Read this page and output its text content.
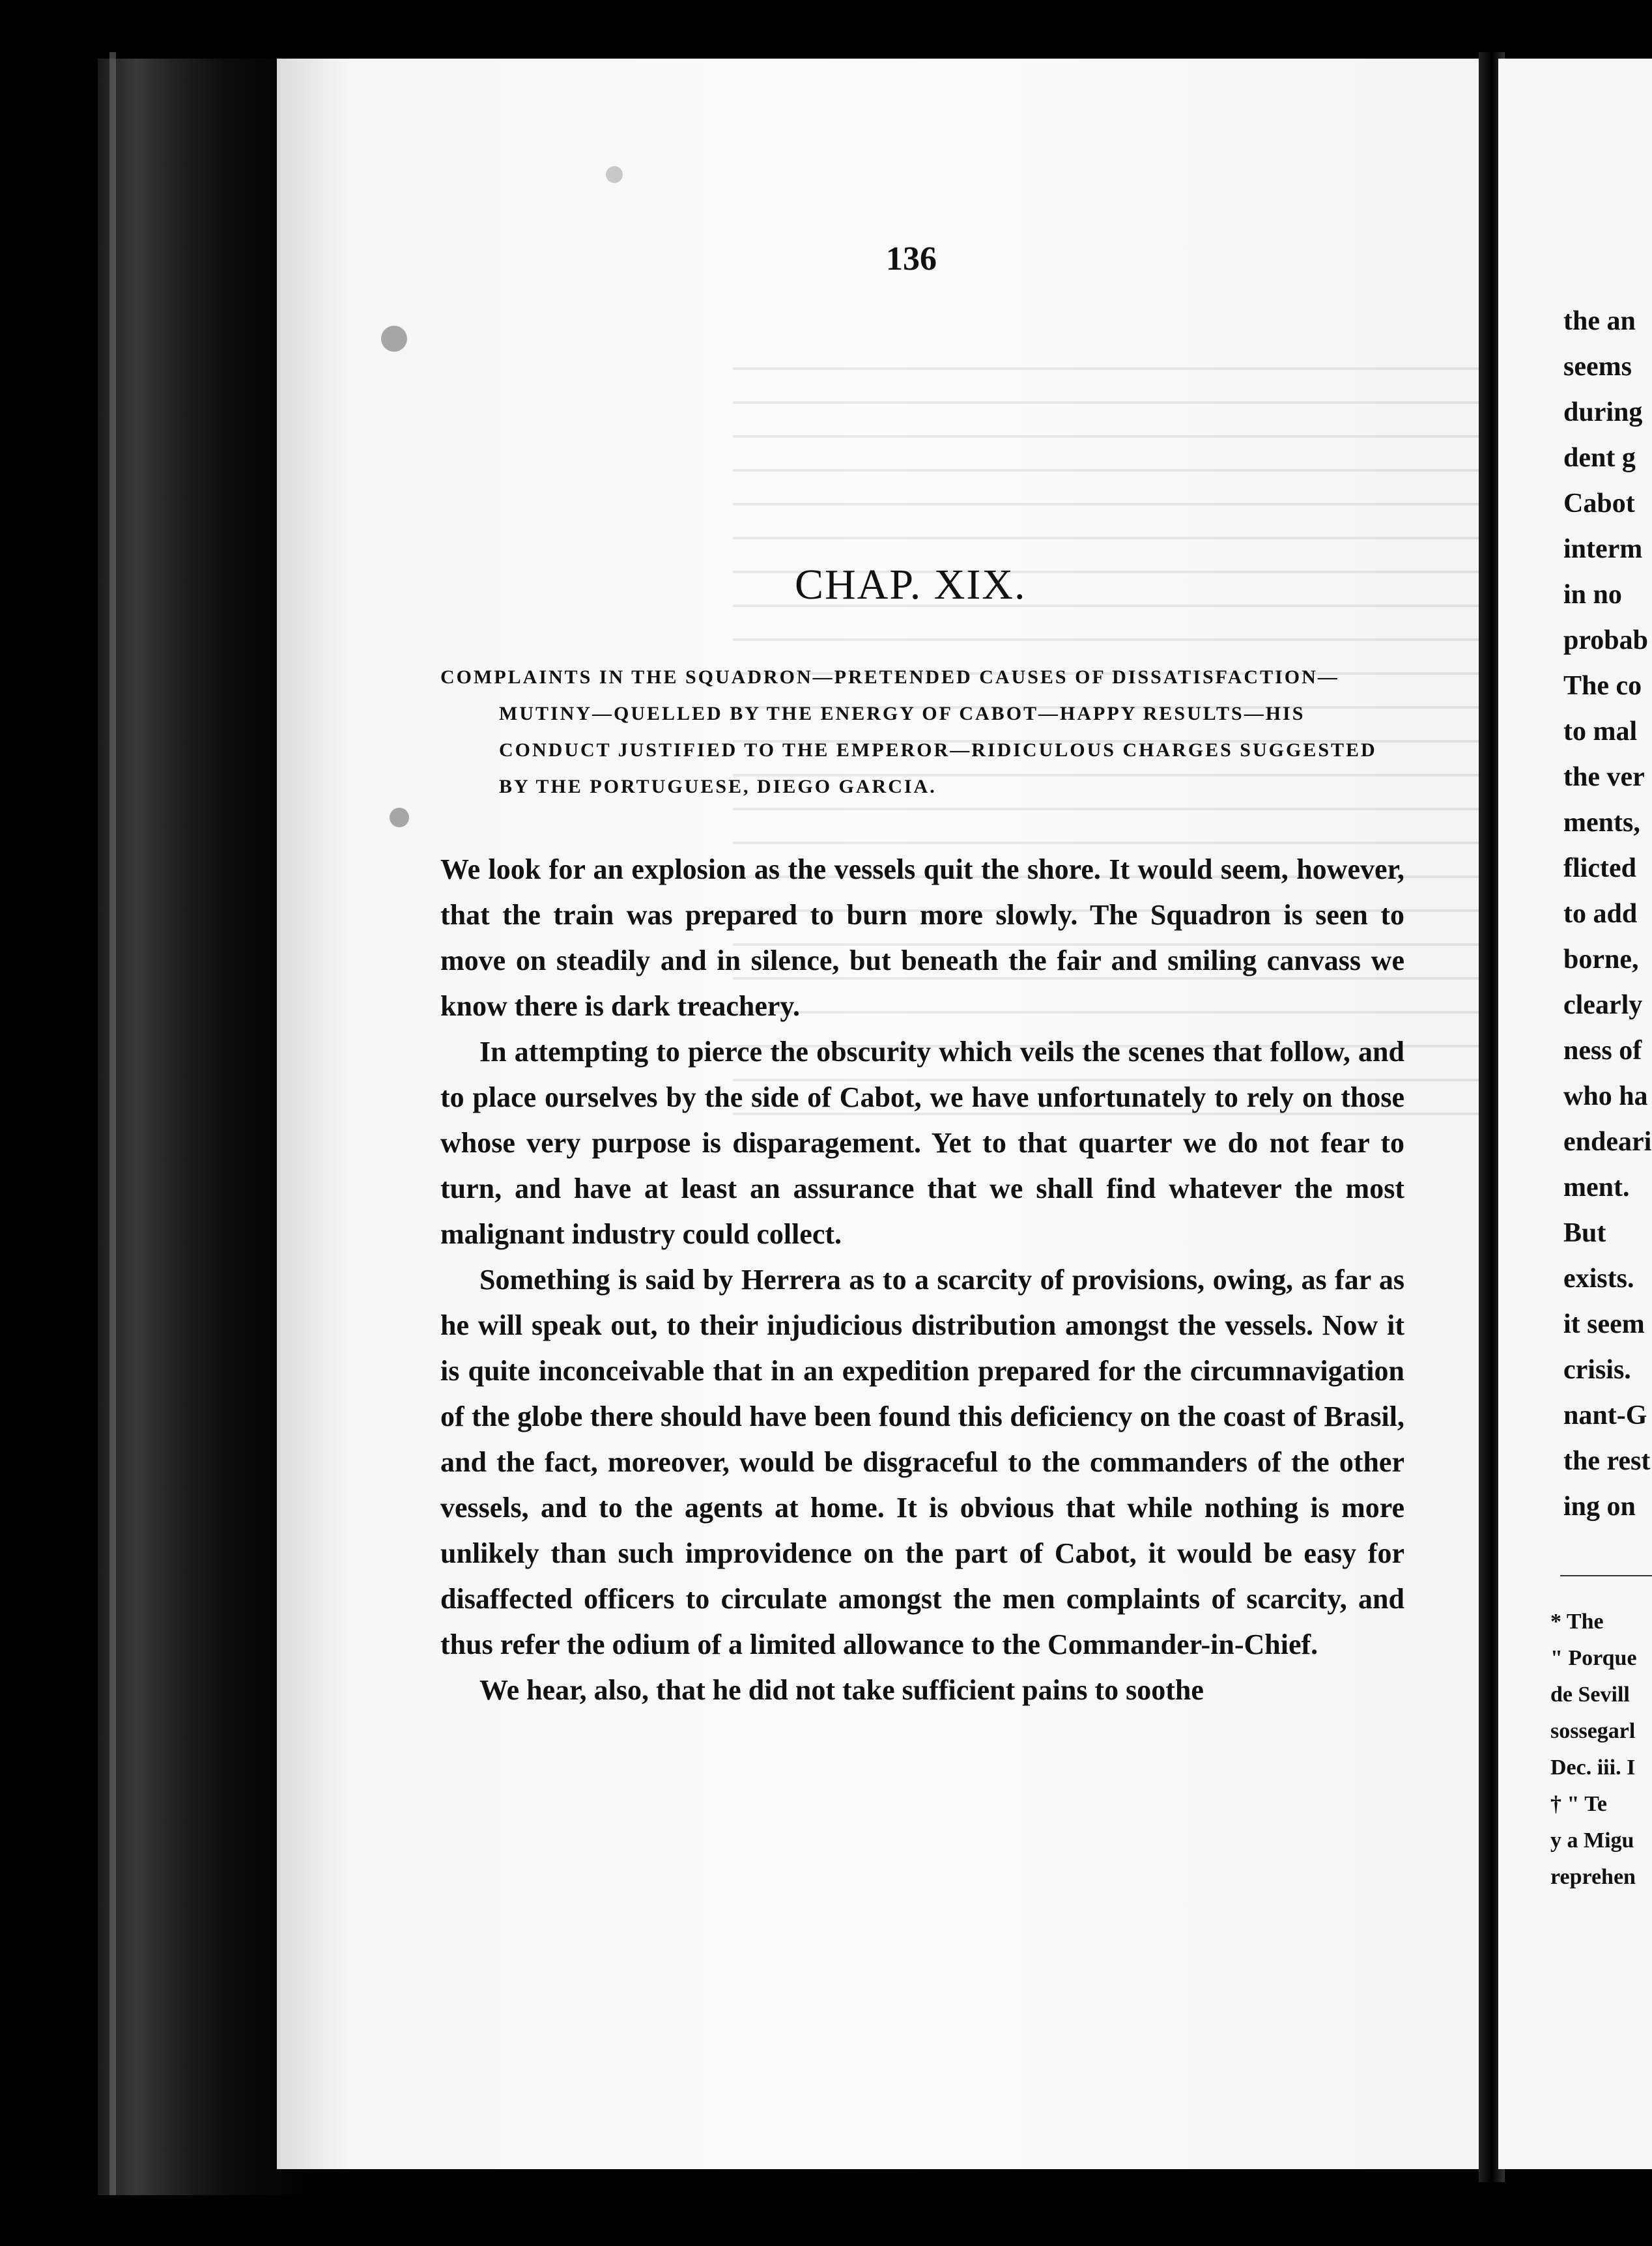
136
CHAP. XIX.
COMPLAINTS IN THE SQUADRON—PRETENDED CAUSES OF DISSATISFACTION—
MUTINY—QUELLED BY THE ENERGY OF CABOT—HAPPY RESULTS—HIS
CONDUCT JUSTIFIED TO THE EMPEROR—RIDICULOUS CHARGES SUGGESTED
BY THE PORTUGUESE, DIEGO GARCIA.

We look for an explosion as the vessels quit the shore. It would seem, however, that the train was prepared to burn more slowly. The Squadron is seen to move on steadily and in silence, but beneath the fair and smiling canvass we know there is dark treachery.

In attempting to pierce the obscurity which veils the scenes that follow, and to place ourselves by the side of Cabot, we have unfortunately to rely on those whose very purpose is disparagement. Yet to that quarter we do not fear to turn, and have at least an assurance that we shall find whatever the most malignant industry could collect.

Something is said by Herrera as to a scarcity of provisions, owing, as far as he will speak out, to their injudicious distribution amongst the vessels. Now it is quite inconceivable that in an expedition prepared for the circumnavigation of the globe there should have been found this deficiency on the coast of Brasil, and the fact, moreover, would be disgraceful to the commanders of the other vessels, and to the agents at home. It is obvious that while nothing is more unlikely than such improvidence on the part of Cabot, it would be easy for disaffected officers to circulate amongst the men complaints of scarcity, and thus refer the odium of a limited allowance to the Commander-in-Chief.

We hear, also, that he did not take sufficient pains to soothe

the an
seems
during
dent g
Cabot
interm
in no
probab
The co
to mal
the ver
ments,
flicted
to add
borne,
clearly
ness of
who ha
endeari
ment.
But
exists.
it seem
crisis.
nant-G
the rest
ing on
* The
" Porque
de Sevill
sossegarl
Dec. iii. I
† " Te
y a Migu
reprehen
